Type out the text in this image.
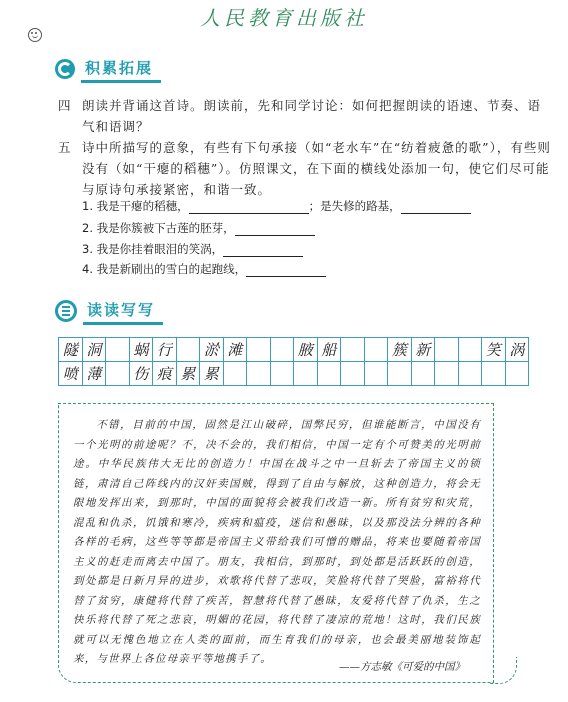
人民教育出版社
积累拓展
四 朗读并背诵这首诗。朗读前，先和同学讨论：如何把握朗读的语速、节奏、语气和语调？
五 诗中所描写的意象，有些有下句承接（如“老水车”在“纺着疲惫的歌”），有些则没有（如“干瘪的稻穗”）。仿照课文，在下面的横线处添加一句，使它们尽可能与原诗句承接紧密，和谐一致。
1. 我是干瘪的稻穗，	；是失修的路基，
2. 我是你簇被下古莲的胚芽，
3. 我是你挂着眼泪的笑涡，
4. 我是新刷出的雪白的起跑线，
读读写写
隧 洞	蜗 行	淤 滩	腋 船	簇 新	笑 涡
喷 薄	伤 痕 累 累

不错，目前的中国，固然是江山破碎，国弊民穷，但谁能断言，中国没有一个光明的前途呢？不，决不会的，我们相信，中国一定有个可赞美的光明前途。中华民族伟大无比的创造力！中国在战斗之中一旦斩去了帝国主义的锁链，肃清自己阵线内的汉奸卖国贼，得到了自由与解放，这种创造力，将会无限地发挥出来，到那时，中国的面貌将会被我们改造一新。所有贫穷和灾荒，混乱和仇杀，饥饿和寒冷，疾病和瘟疫，迷信和愚昧，以及那没法分辨的各种各样的毛病，这些等等都是帝国主义带给我们可憎的赠品，将来也要随着帝国主义的赶走而离去中国了。朋友，我相信，到那时，到处都是活跃跃的创造，到处都是日新月异的进步，欢歌将代替了悲叹，笑脸将代替了哭脸，富裕将代替了贫穷，康健将代替了疾苦，智慧将代替了愚昧，友爱将代替了仇杀，生之快乐将代替了死之悲哀，明媚的花园，将代替了凄凉的荒地！这时，我们民族就可以无愧色地立在人类的面前，而生育我们的母亲，也会最美丽地装饰起来，与世界上各位母亲平等地携手了。

——方志敏《可爱的中国》
